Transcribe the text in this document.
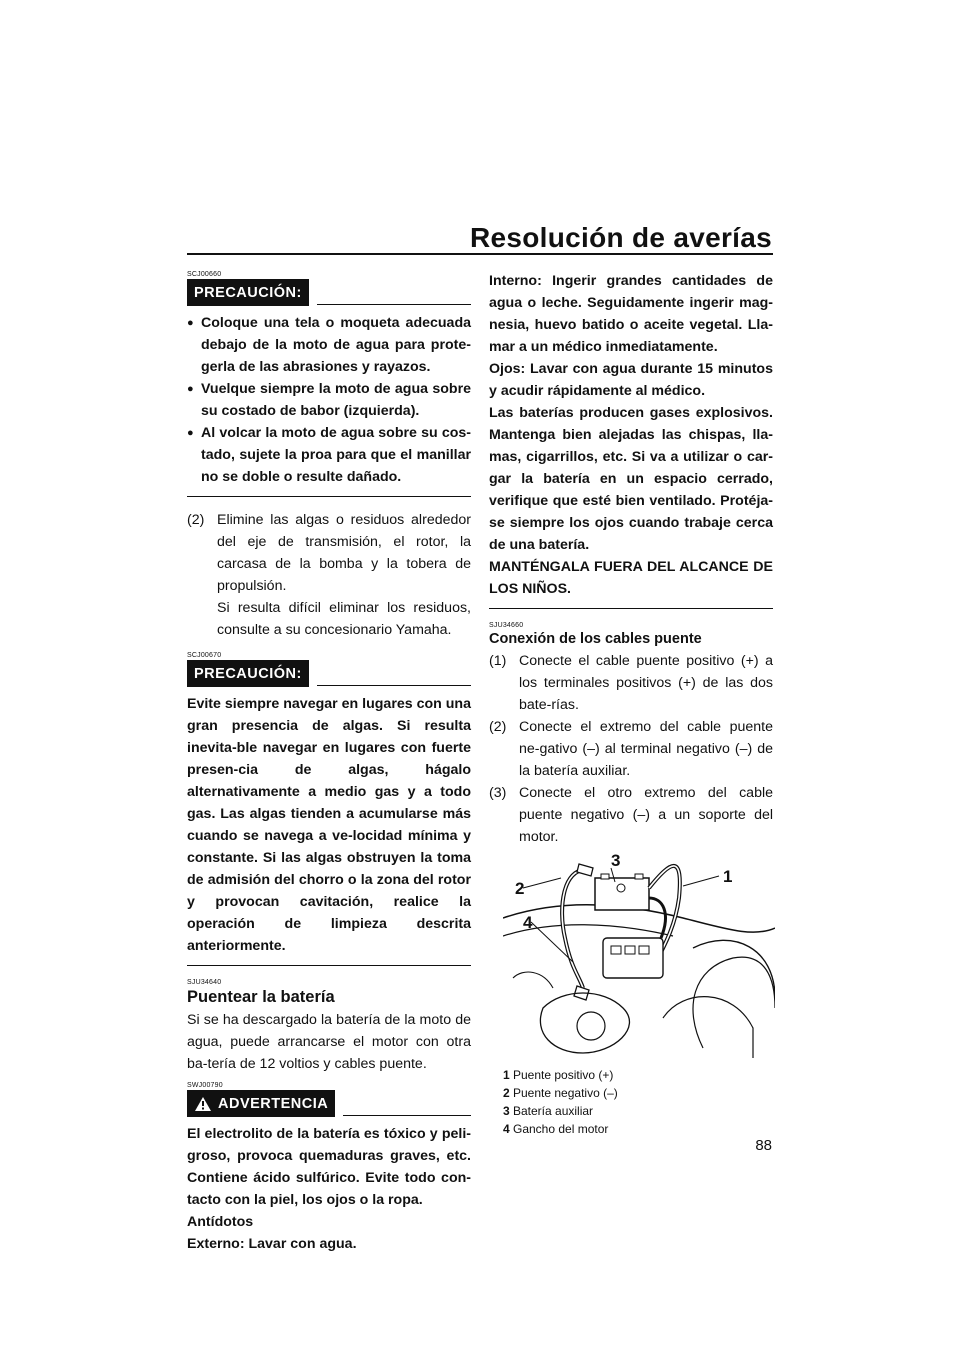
Resolución de averías

SCJ00660

PRECAUCIÓN:
● Coloque una tela o moqueta adecuada debajo de la moto de agua para prote-gerla de las abrasiones y rayazos.
● Vuelque siempre la moto de agua sobre su costado de babor (izquierda).
● Al volcar la moto de agua sobre su cos-tado, sujete la proa para que el manillar no se doble o resulte dañado.
(2) Elimine las algas o residuos alrededor del eje de transmisión, el rotor, la carcasa de la bomba y la tobera de propulsión.
Si resulta difícil eliminar los residuos, consulte a su concesionario Yamaha.

SCJ00670

PRECAUCIÓN:

Evite siempre navegar en lugares con una gran presencia de algas. Si resulta inevita-ble navegar en lugares con fuerte presen-cia de algas, hágalo alternativamente a medio gas y a todo gas. Las algas tienden a acumularse más cuando se navega a ve-locidad mínima y constante. Si las algas obstruyen la toma de admisión del chorro o la zona del rotor y provocan cavitación, realice la operación de limpieza descrita anteriormente.

SJU34640

Puentear la batería

Si se ha descargado la batería de la moto de agua, puede arrancarse el motor con otra ba-tería de 12 voltios y cables puente.

SWJ00790

ADVERTENCIA

El electrolito de la batería es tóxico y peli-groso, provoca quemaduras graves, etc. Contiene ácido sulfúrico. Evite todo con-tacto con la piel, los ojos o la ropa.

Antídotos

Externo: Lavar con agua.

Interno: Ingerir grandes cantidades de agua o leche. Seguidamente ingerir mag-nesia, huevo batido o aceite vegetal. Lla-mar a un médico inmediatamente.

Ojos: Lavar con agua durante 15 minutos y acudir rápidamente al médico.

Las baterías producen gases explosivos. Mantenga bien alejadas las chispas, lla-mas, cigarrillos, etc. Si va a utilizar o car-gar la batería en un espacio cerrado, verifique que esté bien ventilado. Protéja-se siempre los ojos cuando trabaje cerca de una batería.

MANTÉNGALA FUERA DEL ALCANCE DE LOS NIÑOS.

SJU34660

Conexión de los cables puente

(1) Conecte el cable puente positivo (+) a los terminales positivos (+) de las dos bate-rías.
(2) Conecte el extremo del cable puente ne-gativo (–) al terminal negativo (–) de la batería auxiliar.
(3) Conecte el otro extremo del cable puente negativo (–) a un soporte del motor.
2
4
3
1
1 Puente positivo (+)
2 Puente negativo (–)
3 Batería auxiliar
4 Gancho del motor
88
